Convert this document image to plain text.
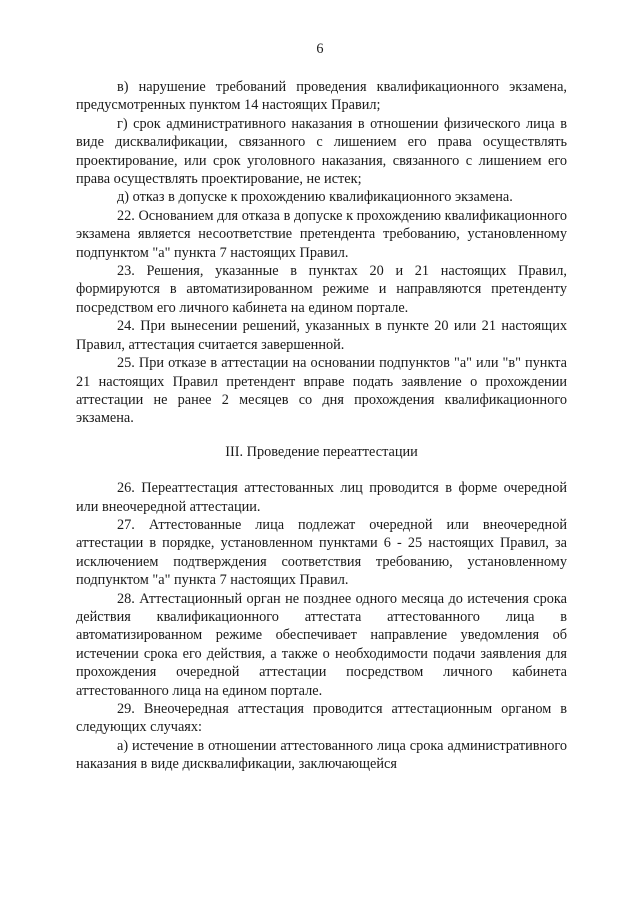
6

в) нарушение требований проведения квалификационного экзамена, предусмотренных пунктом 14 настоящих Правил;

г) срок административного наказания в отношении физического лица в виде дисквалификации, связанного с лишением его права осуществлять проектирование, или срок уголовного наказания, связанного с лишением его права осуществлять проектирование, не истек;

д) отказ в допуске к прохождению квалификационного экзамена.

22. Основанием для отказа в допуске к прохождению квалификационного экзамена является несоответствие претендента требованию, установленному подпунктом "а" пункта 7 настоящих Правил.

23. Решения, указанные в пунктах 20 и 21 настоящих Правил, формируются в автоматизированном режиме и направляются претенденту посредством его личного кабинета на едином портале.

24. При вынесении решений, указанных в пункте 20 или 21 настоящих Правил, аттестация считается завершенной.

25. При отказе в аттестации на основании подпунктов "а" или "в" пункта 21 настоящих Правил претендент вправе подать заявление о прохождении аттестации не ранее 2 месяцев со дня прохождения квалификационного экзамена.

III. Проведение переаттестации

26. Переаттестация аттестованных лиц проводится в форме очередной или внеочередной аттестации.

27. Аттестованные лица подлежат очередной или внеочередной аттестации в порядке, установленном пунктами 6 - 25 настоящих Правил, за исключением подтверждения соответствия требованию, установленному подпунктом "а" пункта 7 настоящих Правил.

28. Аттестационный орган не позднее одного месяца до истечения срока действия квалификационного аттестата аттестованного лица в автоматизированном режиме обеспечивает направление уведомления об истечении срока его действия, а также о необходимости подачи заявления для прохождения очередной аттестации посредством личного кабинета аттестованного лица на едином портале.

29. Внеочередная аттестация проводится аттестационным органом в следующих случаях:

а) истечение в отношении аттестованного лица срока административного наказания в виде дисквалификации, заключающейся
